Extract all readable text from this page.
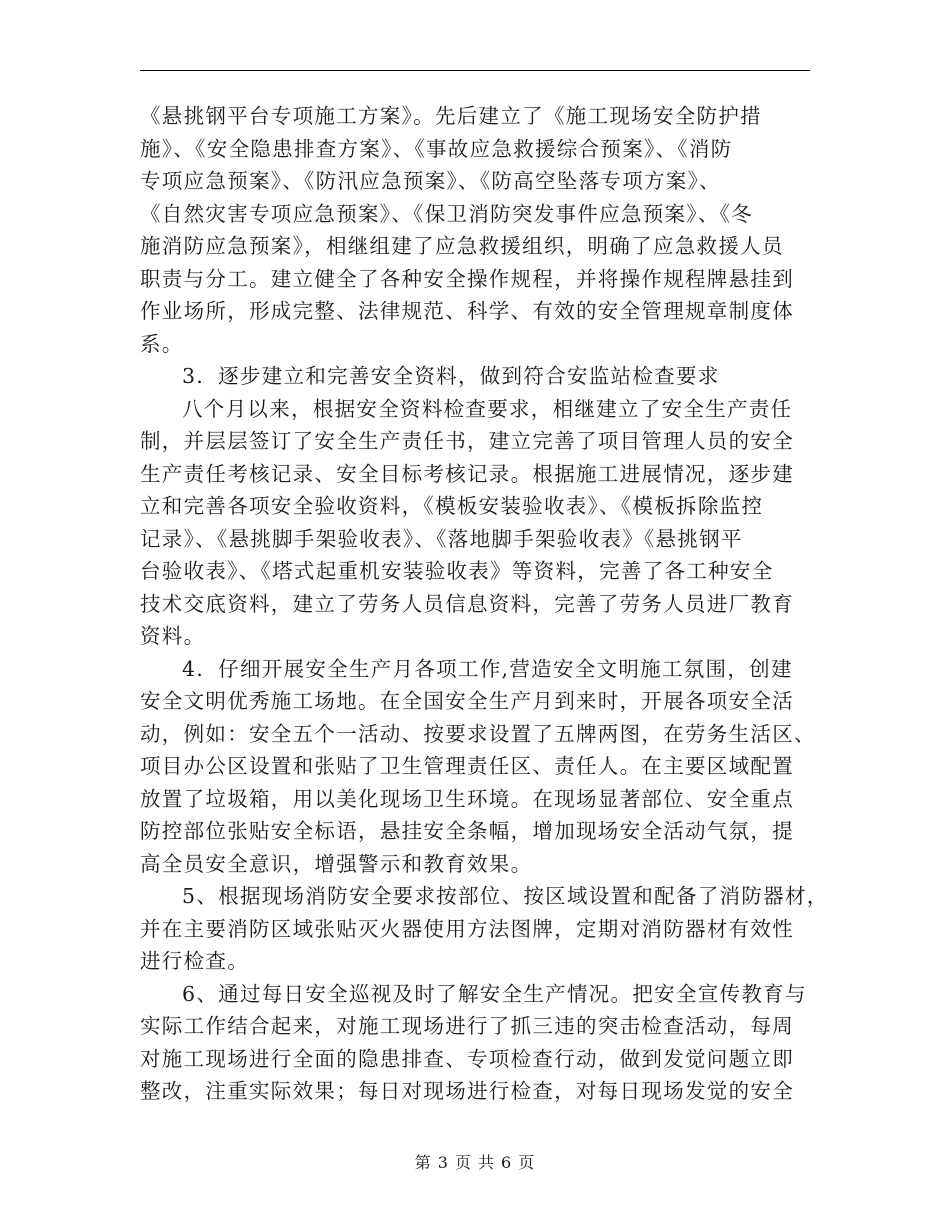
《悬挑钢平台专项施工方案》。先后建立了《施工现场安全防护措
施》、《安全隐患排查方案》、《事故应急救援综合预案》、《消防
专项应急预案》、《防汛应急预案》、《防高空坠落专项方案》、
《自然灾害专项应急预案》、《保卫消防突发事件应急预案》、《冬
施消防应急预案》，相继组建了应急救援组织，明确了应急救援人员
职责与分工。建立健全了各种安全操作规程，并将操作规程牌悬挂到
作业场所，形成完整、法律规范、科学、有效的安全管理规章制度体
系。
3．逐步建立和完善安全资料，做到符合安监站检查要求
八个月以来，根据安全资料检查要求，相继建立了安全生产责任
制，并层层签订了安全生产责任书，建立完善了项目管理人员的安全
生产责任考核记录、安全目标考核记录。根据施工进展情况，逐步建
立和完善各项安全验收资料，《模板安装验收表》、《模板拆除监控
记录》、《悬挑脚手架验收表》、《落地脚手架验收表》《悬挑钢平
台验收表》、《塔式起重机安装验收表》等资料，完善了各工种安全
技术交底资料，建立了劳务人员信息资料，完善了劳务人员进厂教育
资料。
4．仔细开展安全生产月各项工作,营造安全文明施工氛围，创建
安全文明优秀施工场地。在全国安全生产月到来时，开展各项安全活
动，例如：安全五个一活动、按要求设置了五牌两图，在劳务生活区、
项目办公区设置和张贴了卫生管理责任区、责任人。在主要区域配置
放置了垃圾箱，用以美化现场卫生环境。在现场显著部位、安全重点
防控部位张贴安全标语，悬挂安全条幅，增加现场安全活动气氛，提
高全员安全意识，增强警示和教育效果。
5、根据现场消防安全要求按部位、按区域设置和配备了消防器材，
并在主要消防区域张贴灭火器使用方法图牌，定期对消防器材有效性
进行检查。
6、通过每日安全巡视及时了解安全生产情况。把安全宣传教育与
实际工作结合起来，对施工现场进行了抓三违的突击检查活动，每周
对施工现场进行全面的隐患排查、专项检查行动，做到发觉问题立即
整改，注重实际效果；每日对现场进行检查，对每日现场发觉的安全
第 3 页 共 6 页
